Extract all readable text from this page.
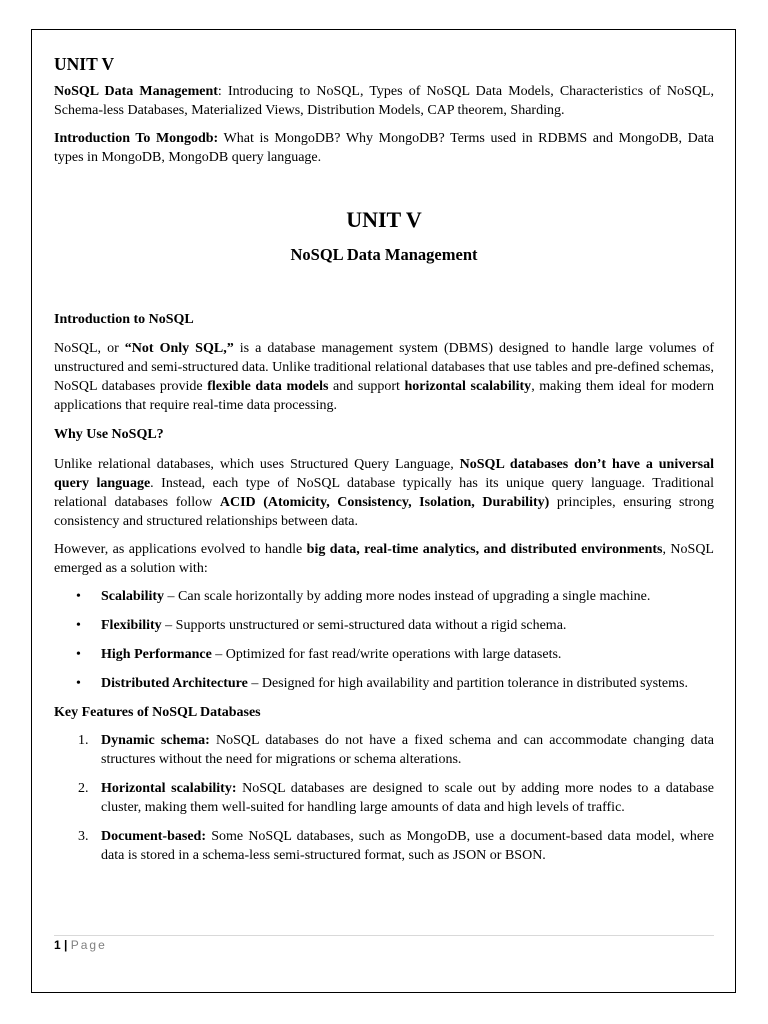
UNIT V

NoSQL Data Management: Introducing to NoSQL, Types of NoSQL Data Models, Characteristics of NoSQL, Schema-less Databases, Materialized Views, Distribution Models, CAP theorem, Sharding.

Introduction To Mongodb: What is MongoDB? Why MongoDB? Terms used in RDBMS and MongoDB, Data types in MongoDB, MongoDB query language.

UNIT V
NoSQL Data Management
Introduction to NoSQL

NoSQL, or “Not Only SQL,” is a database management system (DBMS) designed to handle large volumes of unstructured and semi-structured data. Unlike traditional relational databases that use tables and pre-defined schemas, NoSQL databases provide flexible data models and support horizontal scalability, making them ideal for modern applications that require real-time data processing.

Why Use NoSQL?

Unlike relational databases, which uses Structured Query Language, NoSQL databases don’t have a universal query language. Instead, each type of NoSQL database typically has its unique query language. Traditional relational databases follow ACID (Atomicity, Consistency, Isolation, Durability) principles, ensuring strong consistency and structured relationships between data.

However, as applications evolved to handle big data, real-time analytics, and distributed environments, NoSQL emerged as a solution with:

• Scalability – Can scale horizontally by adding more nodes instead of upgrading a single machine.
• Flexibility – Supports unstructured or semi-structured data without a rigid schema.
• High Performance – Optimized for fast read/write operations with large datasets.
• Distributed Architecture – Designed for high availability and partition tolerance in distributed systems.
Key Features of NoSQL Databases
1. Dynamic schema: NoSQL databases do not have a fixed schema and can accommodate changing data structures without the need for migrations or schema alterations.
2. Horizontal scalability: NoSQL databases are designed to scale out by adding more nodes to a database cluster, making them well-suited for handling large amounts of data and high levels of traffic.
3. Document-based: Some NoSQL databases, such as MongoDB, use a document-based data model, where data is stored in a schema-less semi-structured format, such as JSON or BSON.
1 | Page
